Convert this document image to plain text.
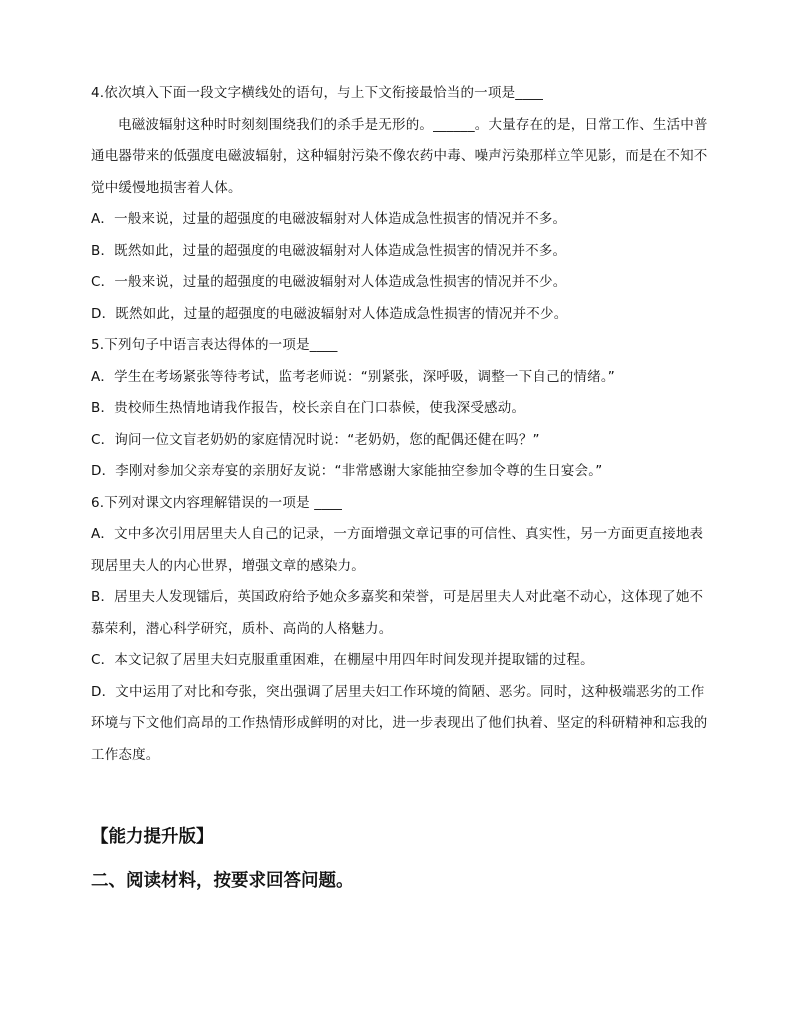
4.依次填入下面一段文字横线处的语句，与上下文衔接最恰当的一项是____
电磁波辐射这种时时刻刻围绕我们的杀手是无形的。______。大量存在的是，日常工作、生活中普
通电器带来的低强度电磁波辐射，这种辐射污染不像农药中毒、噪声污染那样立竿见影，而是在不知不
觉中缓慢地损害着人体。
A．一般来说，过量的超强度的电磁波辐射对人体造成急性损害的情况并不多。
B．既然如此，过量的超强度的电磁波辐射对人体造成急性损害的情况并不多。
C．一般来说，过量的超强度的电磁波辐射对人体造成急性损害的情况并不少。
D．既然如此，过量的超强度的电磁波辐射对人体造成急性损害的情况并不少。
5.下列句子中语言表达得体的一项是____
A．学生在考场紧张等待考试，监考老师说：“别紧张，深呼吸，调整一下自己的情绪。”
B．贵校师生热情地请我作报告，校长亲自在门口恭候，使我深受感动。
C．询问一位文盲老奶奶的家庭情况时说：“老奶奶，您的配偶还健在吗？”
D．李刚对参加父亲寿宴的亲朋好友说：“非常感谢大家能抽空参加令尊的生日宴会。”
6.下列对课文内容理解错误的一项是 ____
A．文中多次引用居里夫人自己的记录，一方面增强文章记事的可信性、真实性，另一方面更直接地表
现居里夫人的内心世界，增强文章的感染力。
B．居里夫人发现镭后，英国政府给予她众多嘉奖和荣誉，可是居里夫人对此毫不动心，这体现了她不
慕荣利，潜心科学研究，质朴、高尚的人格魅力。
C．本文记叙了居里夫妇克服重重困难，在棚屋中用四年时间发现并提取镭的过程。
D．文中运用了对比和夸张，突出强调了居里夫妇工作环境的简陋、恶劣。同时，这种极端恶劣的工作
环境与下文他们高昂的工作热情形成鲜明的对比，进一步表现出了他们执着、坚定的科研精神和忘我的
工作态度。
【能力提升版】
二、阅读材料，按要求回答问题。
